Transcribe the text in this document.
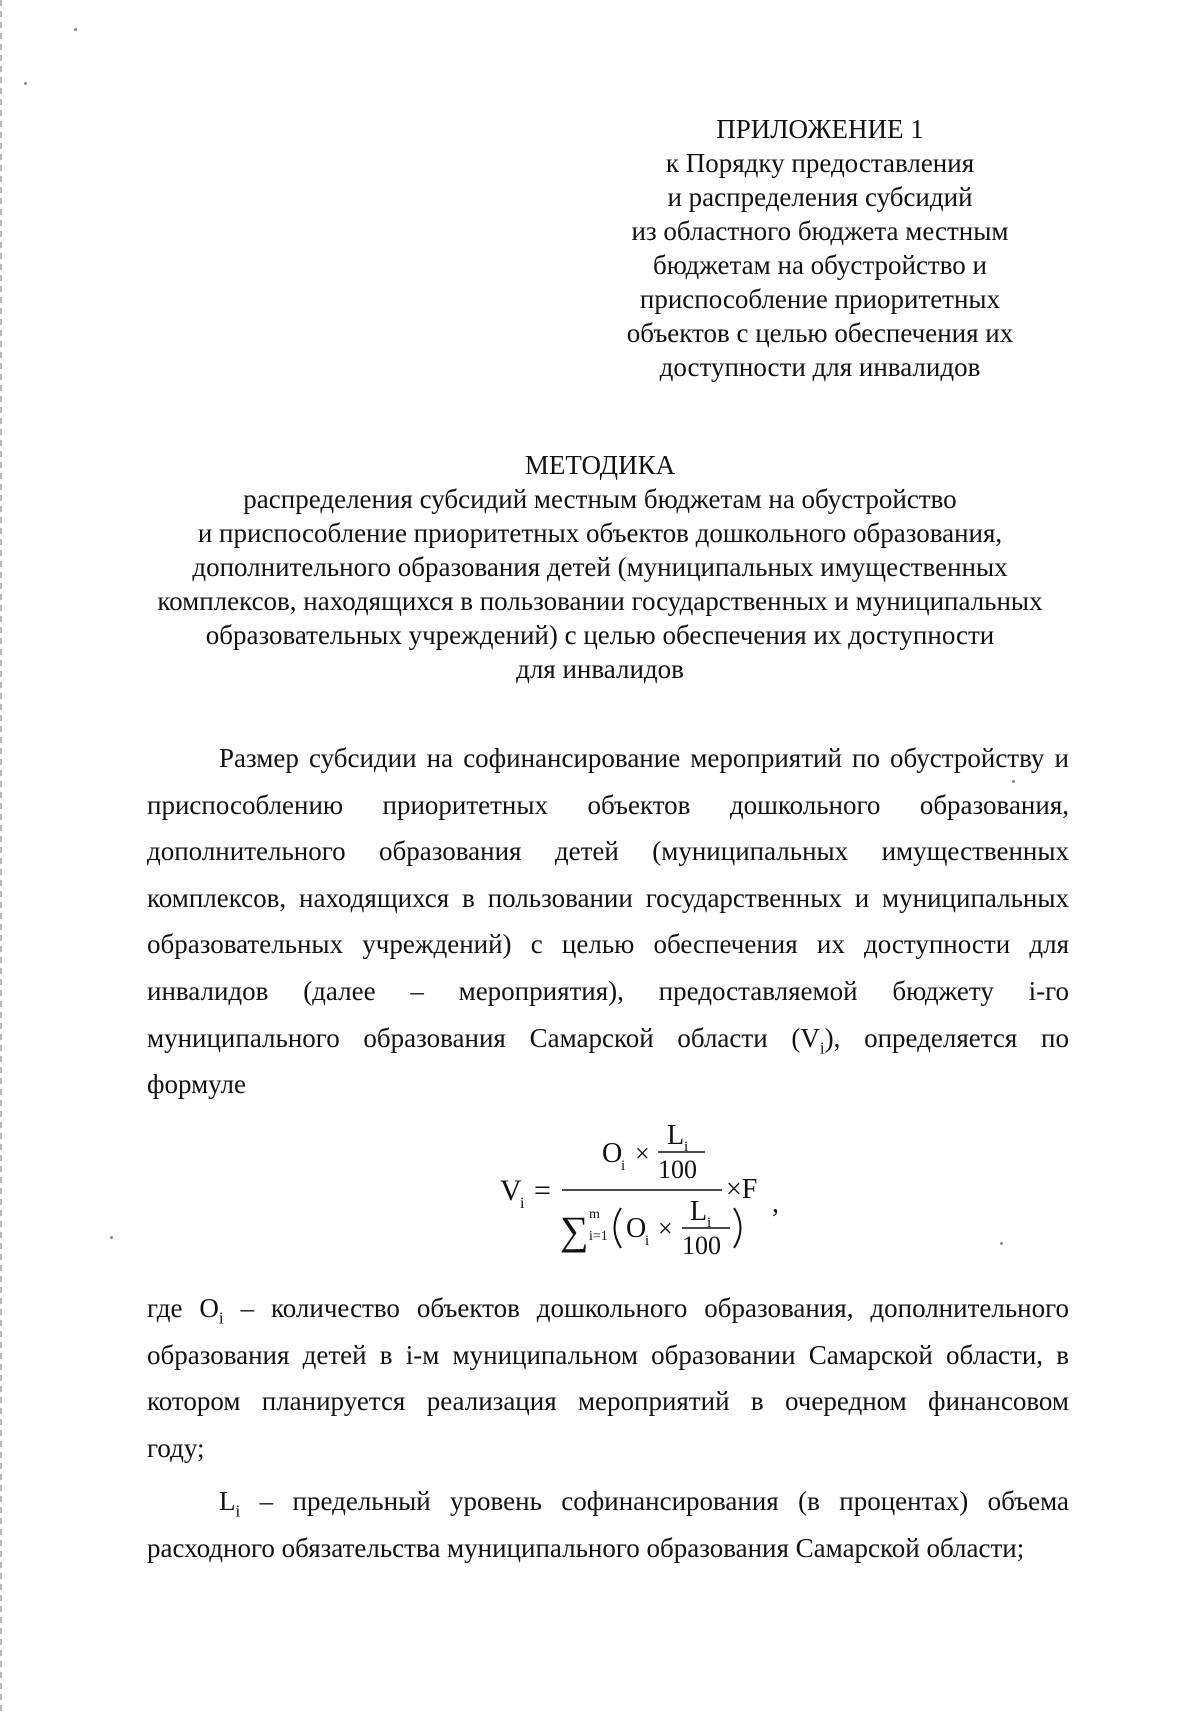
ПРИЛОЖЕНИЕ 1
к Порядку предоставления
и распределения субсидий
из областного бюджета местным
бюджетам на обустройство и
приспособление приоритетных
объектов с целью обеспечения их
доступности для инвалидов
МЕТОДИКА
распределения субсидий местным бюджетам на обустройство
и приспособление приоритетных объектов дошкольного образования,
дополнительного образования детей (муниципальных имущественных
комплексов, находящихся в пользовании государственных и муниципальных
образовательных учреждений) с целью обеспечения их доступности
для инвалидов
Размер субсидии на софинансирование мероприятий по обустройству и
приспособлению приоритетных объектов дошкольного образования,
дополнительного образования детей (муниципальных имущественных
комплексов, находящихся в пользовании государственных и муниципальных
образовательных учреждений) с целью обеспечения их доступности для
инвалидов (далее – мероприятия), предоставляемой бюджету i-го
муниципального образования Самарской области $(V_i)$, определяется по
формуле
V
i =
O
i ×
L i
100
∑ m
i=1 O
i ×
L i
100
×F ,
где $O_i$ – количество объектов дошкольного образования, дополнительного
образования детей в i-м муниципальном образовании Самарской области, в
котором планируется реализация мероприятий в очередном финансовом
году;
$L_i$ – предельный уровень софинансирования (в процентах) объема
расходного обязательства муниципального образования Самарской области;
